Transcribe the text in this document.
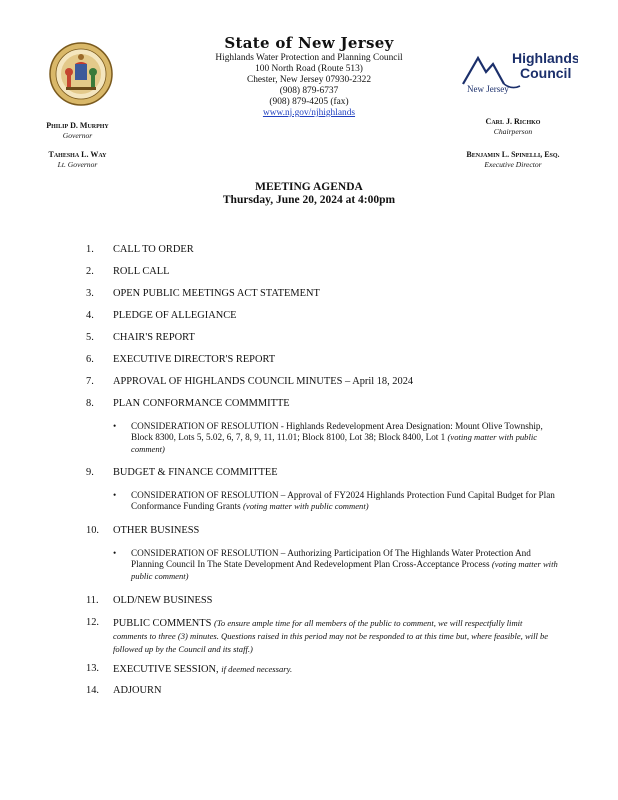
State of New Jersey
Highlands Water Protection and Planning Council
100 North Road (Route 513)
Chester, New Jersey 07930-2322
(908) 879-6737
(908) 879-4205 (fax)
www.nj.gov/njhighlands
Highlands
Council
New Jersey
Philip D. Murphy
Governor
Tahesha L. Way
Lt. Governor
Carl J. Richko
Chairperson
Benjamin L. Spinelli, Esq.
Executive Director
MEETING AGENDA
Thursday, June 20, 2024 at 4:00pm
1. CALL TO ORDER
2. ROLL CALL
3. OPEN PUBLIC MEETINGS ACT STATEMENT
4. PLEDGE OF ALLEGIANCE
5. CHAIR'S REPORT
6. EXECUTIVE DIRECTOR'S REPORT
7. APPROVAL OF HIGHLANDS COUNCIL MINUTES – April 18, 2024
8. PLAN CONFORMANCE COMMMITTE
• CONSIDERATION OF RESOLUTION - Highlands Redevelopment Area Designation: Mount Olive Township, Block 8300, Lots 5, 5.02, 6, 7, 8, 9, 11, 11.01; Block 8100, Lot 38; Block 8400, Lot 1 (voting matter with public comment)
9. BUDGET & FINANCE COMMITTEE
• CONSIDERATION OF RESOLUTION – Approval of FY2024 Highlands Protection Fund Capital Budget for Plan Conformance Funding Grants (voting matter with public comment)
10. OTHER BUSINESS
• CONSIDERATION OF RESOLUTION – Authorizing Participation Of The Highlands Water Protection And Planning Council In The State Development And Redevelopment Plan Cross-Acceptance Process (voting matter with public comment)
11. OLD/NEW BUSINESS
12. PUBLIC COMMENTS (To ensure ample time for all members of the public to comment, we will respectfully limit comments to three (3) minutes. Questions raised in this period may not be responded to at this time but, where feasible, will be followed up by the Council and its staff.)
13. EXECUTIVE SESSION, if deemed necessary.
14. ADJOURN
